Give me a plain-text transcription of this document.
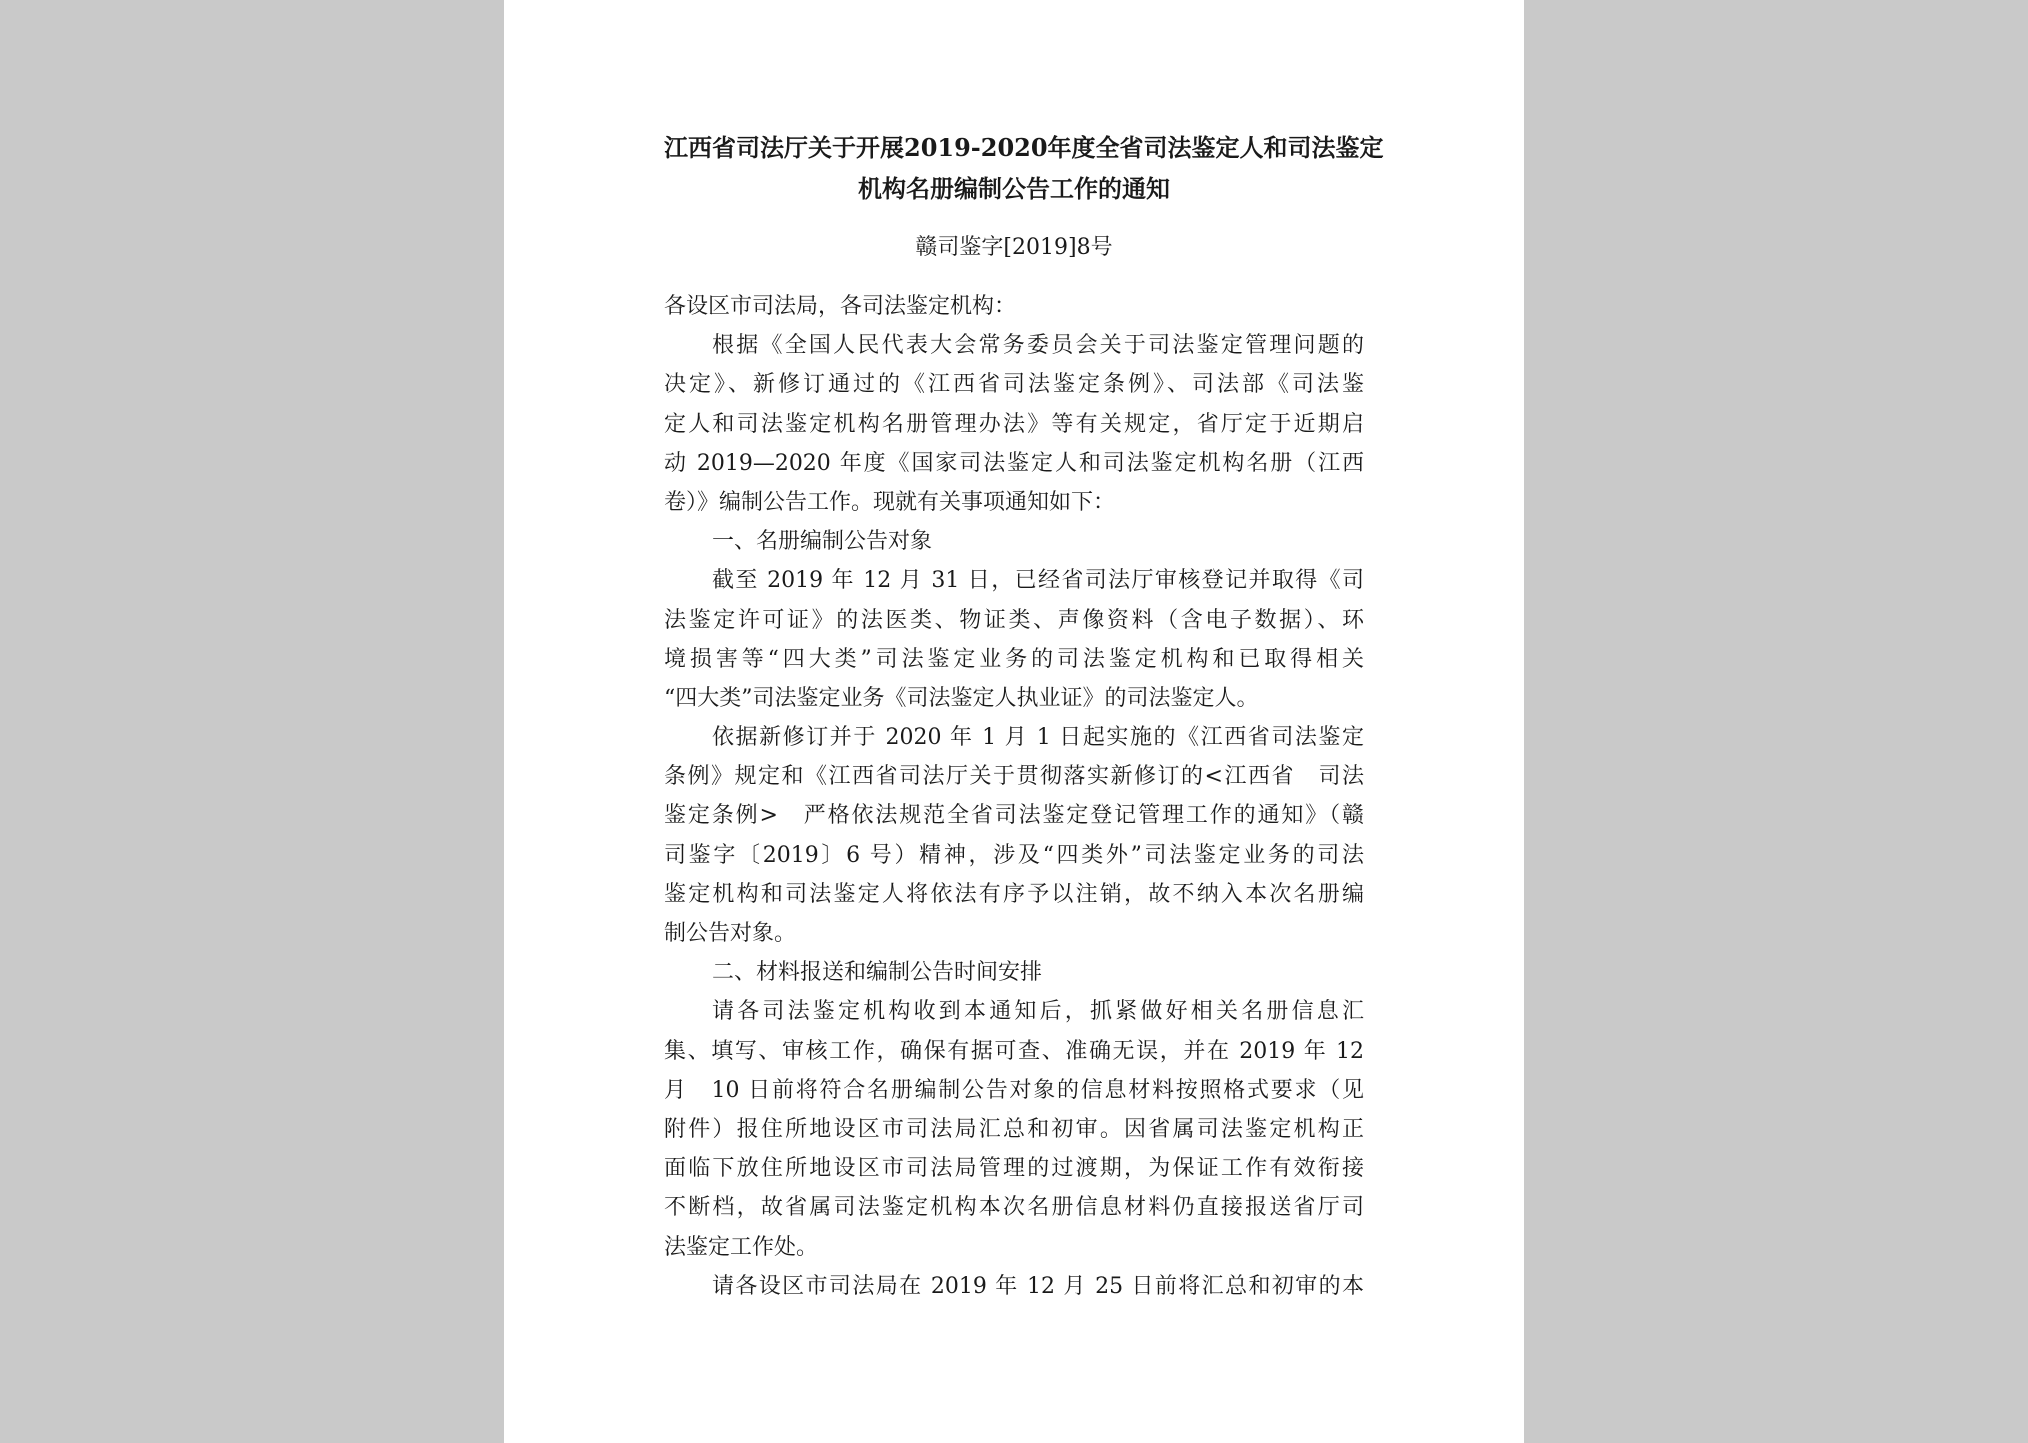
江西省司法厅关于开展2019-2020年度全省司法鉴定人和司法鉴定
机构名册编制公告工作的通知
赣司鉴字[2019]8号
各设区市司法局，各司法鉴定机构：
根据《全国人民代表大会常务委员会关于司法鉴定管理问题的
决定》、新修订通过的《江西省司法鉴定条例》、司法部《司法鉴
定人和司法鉴定机构名册管理办法》等有关规定，省厅定于近期启
动 2019—2020 年度《国家司法鉴定人和司法鉴定机构名册（江西
卷）》编制公告工作。现就有关事项通知如下：
一、名册编制公告对象
截至 2019 年 12 月 31 日，已经省司法厅审核登记并取得《司
法鉴定许可证》的法医类、物证类、声像资料（含电子数据）、环
境损害等“四大类”司法鉴定业务的司法鉴定机构和已取得相关
“四大类”司法鉴定业务《司法鉴定人执业证》的司法鉴定人。
依据新修订并于 2020 年 1 月 1 日起实施的《江西省司法鉴定
条例》规定和《江西省司法厅关于贯彻落实新修订的<江西省　司法
鉴定条例>　严格依法规范全省司法鉴定登记管理工作的通知》（赣
司鉴字〔2019〕6 号）精神，涉及“四类外”司法鉴定业务的司法
鉴定机构和司法鉴定人将依法有序予以注销，故不纳入本次名册编
制公告对象。
二、材料报送和编制公告时间安排
请各司法鉴定机构收到本通知后，抓紧做好相关名册信息汇
集、填写、审核工作，确保有据可查、准确无误，并在 2019 年 12
月　10 日前将符合名册编制公告对象的信息材料按照格式要求（见
附件）报住所地设区市司法局汇总和初审。因省属司法鉴定机构正
面临下放住所地设区市司法局管理的过渡期，为保证工作有效衔接
不断档，故省属司法鉴定机构本次名册信息材料仍直接报送省厅司
法鉴定工作处。
请各设区市司法局在 2019 年 12 月 25 日前将汇总和初审的本
